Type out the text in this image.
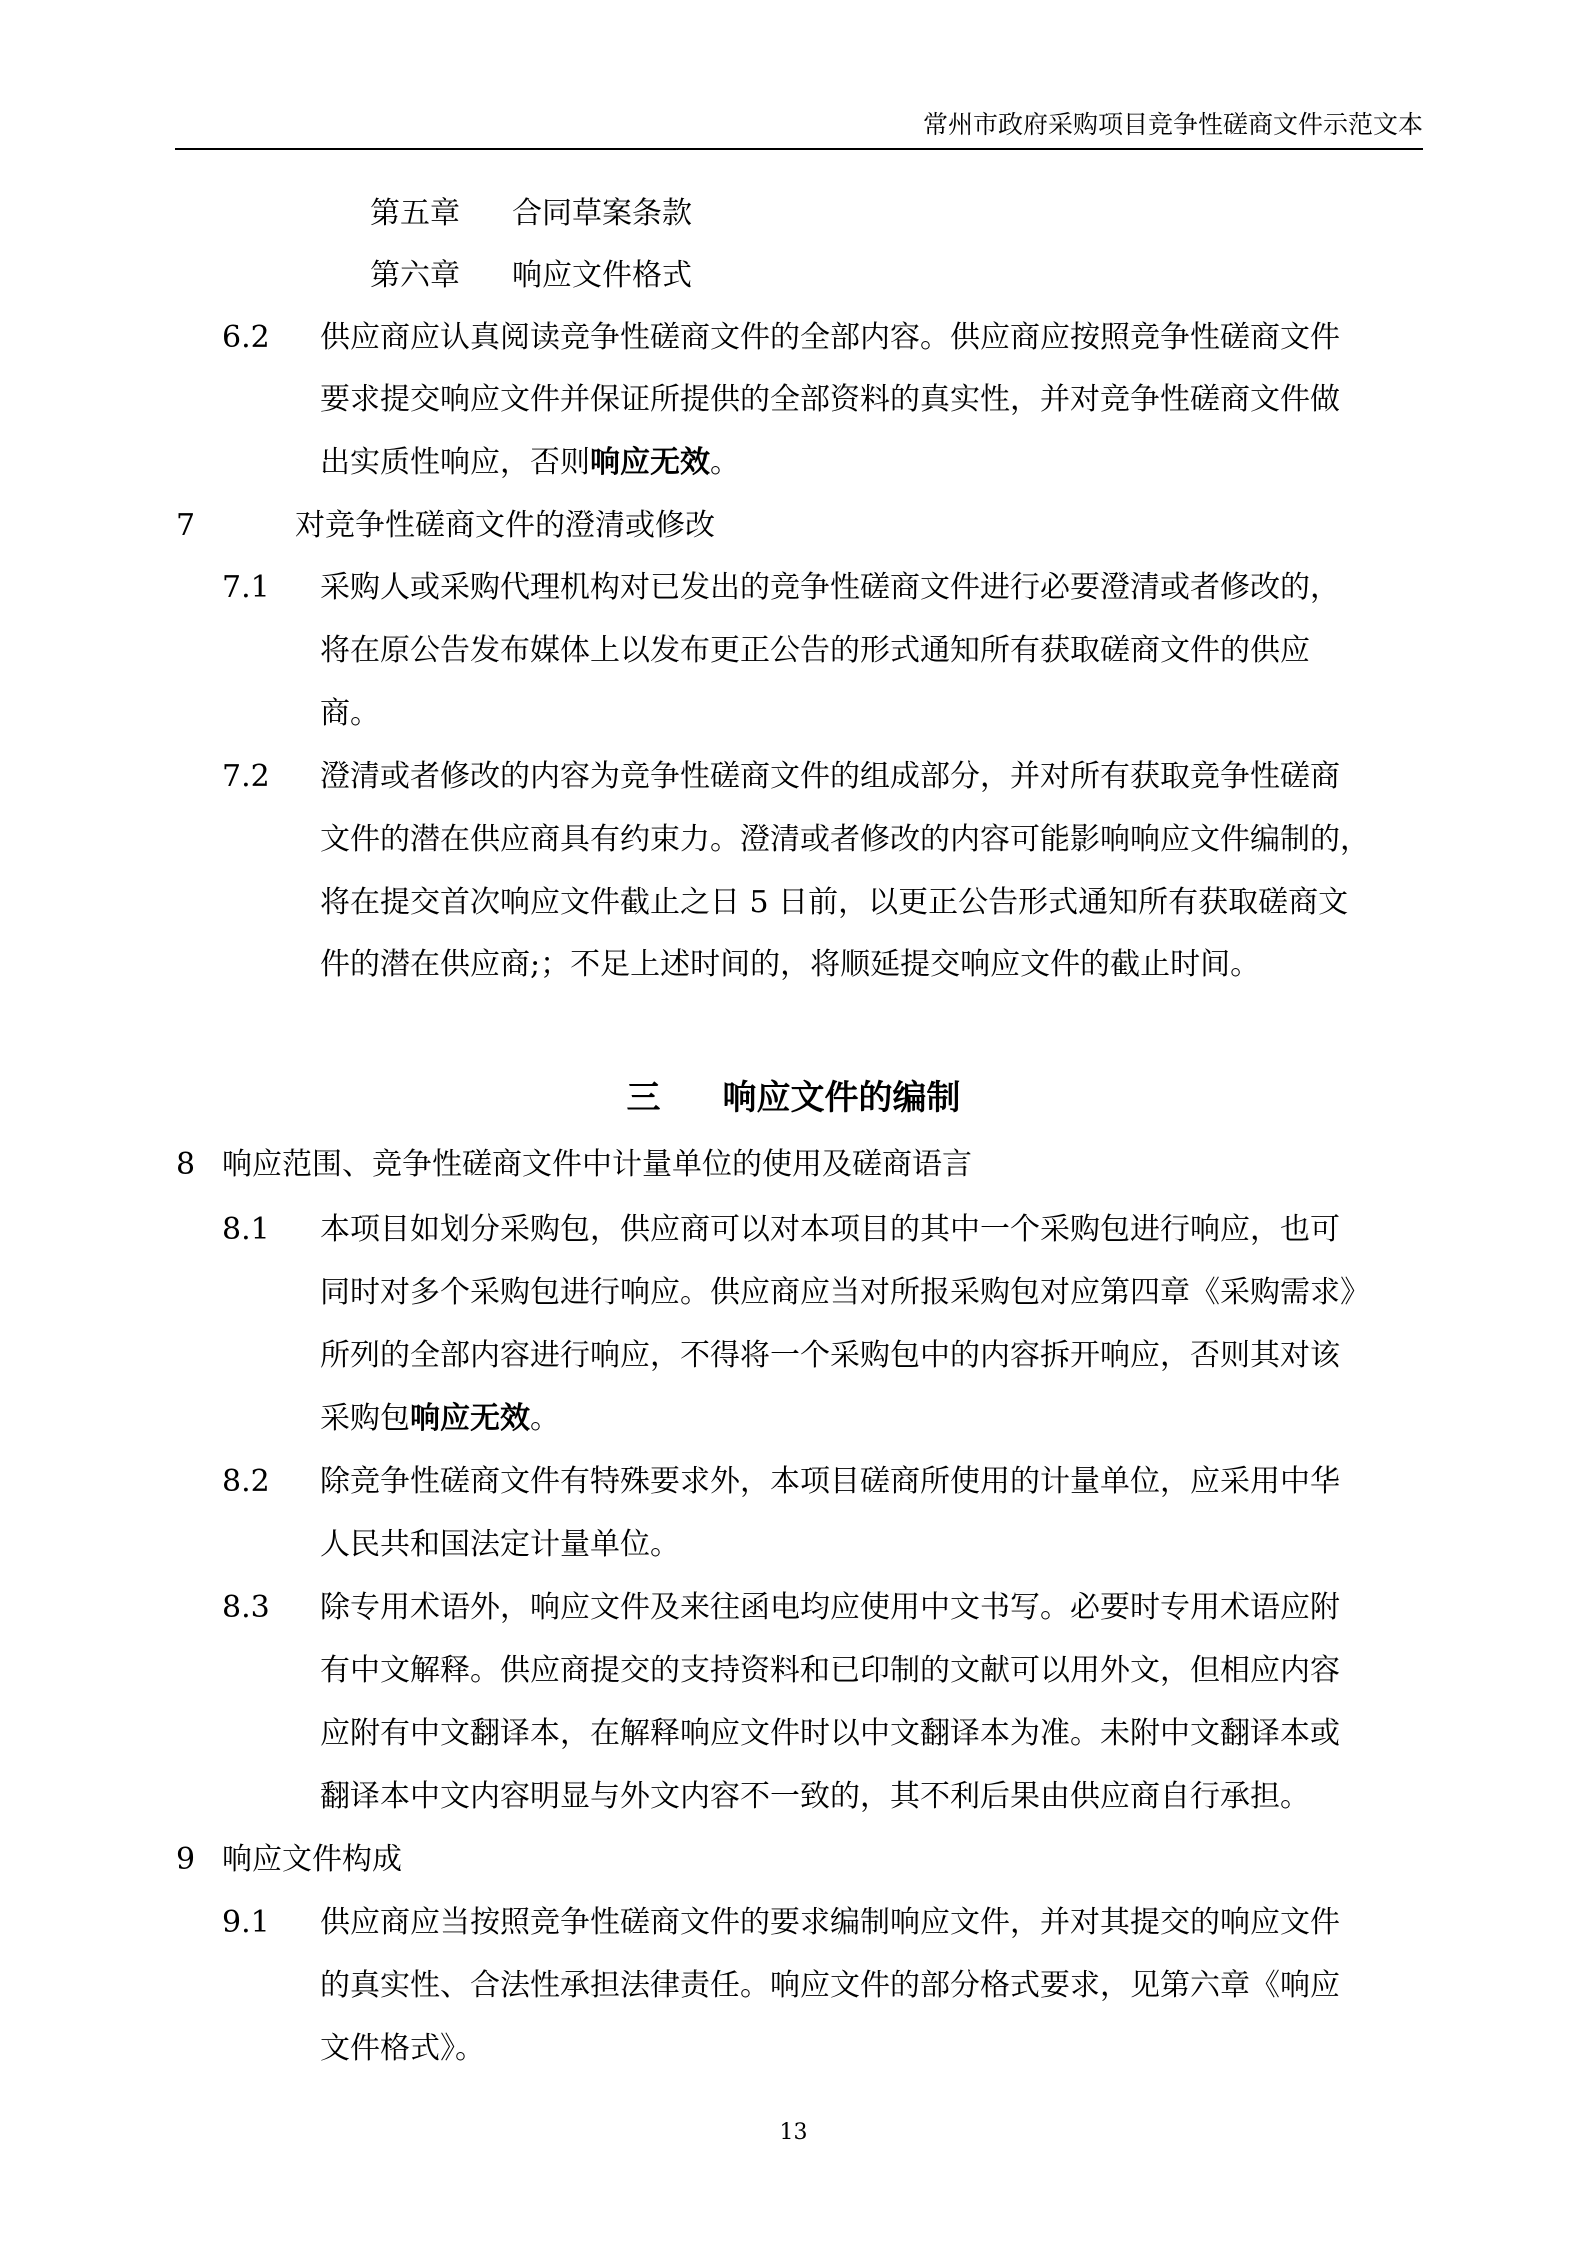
常州市政府采购项目竞争性磋商文件示范文本
第五章 合同草案条款
第六章 响应文件格式
6.2 供应商应认真阅读竞争性磋商文件的全部内容。供应商应按照竞争性磋商文件
要求提交响应文件并保证所提供的全部资料的真实性，并对竞争性磋商文件做
出实质性响应，否则响应无效。
7	对竞争性磋商文件的澄清或修改
7.1 采购人或采购代理机构对已发出的竞争性磋商文件进行必要澄清或者修改的，
将在原公告发布媒体上以发布更正公告的形式通知所有获取磋商文件的供应
商。
7.2 澄清或者修改的内容为竞争性磋商文件的组成部分，并对所有获取竞争性磋商
文件的潜在供应商具有约束力。澄清或者修改的内容可能影响响应文件编制的，
将在提交首次响应文件截止之日 5 日前，以更正公告形式通知所有获取磋商文
件的潜在供应商;；不足上述时间的，将顺延提交响应文件的截止时间。
三 响应文件的编制
8 响应范围、竞争性磋商文件中计量单位的使用及磋商语言
8.1 本项目如划分采购包，供应商可以对本项目的其中一个采购包进行响应，也可
同时对多个采购包进行响应。供应商应当对所报采购包对应第四章《采购需求》
所列的全部内容进行响应，不得将一个采购包中的内容拆开响应，否则其对该
采购包响应无效。
8.2 除竞争性磋商文件有特殊要求外，本项目磋商所使用的计量单位，应采用中华
人民共和国法定计量单位。
8.3 除专用术语外，响应文件及来往函电均应使用中文书写。必要时专用术语应附
有中文解释。供应商提交的支持资料和已印制的文献可以用外文，但相应内容
应附有中文翻译本，在解释响应文件时以中文翻译本为准。未附中文翻译本或
翻译本中文内容明显与外文内容不一致的，其不利后果由供应商自行承担。
9 响应文件构成
9.1 供应商应当按照竞争性磋商文件的要求编制响应文件，并对其提交的响应文件
的真实性、合法性承担法律责任。响应文件的部分格式要求，见第六章《响应
文件格式》。
13
